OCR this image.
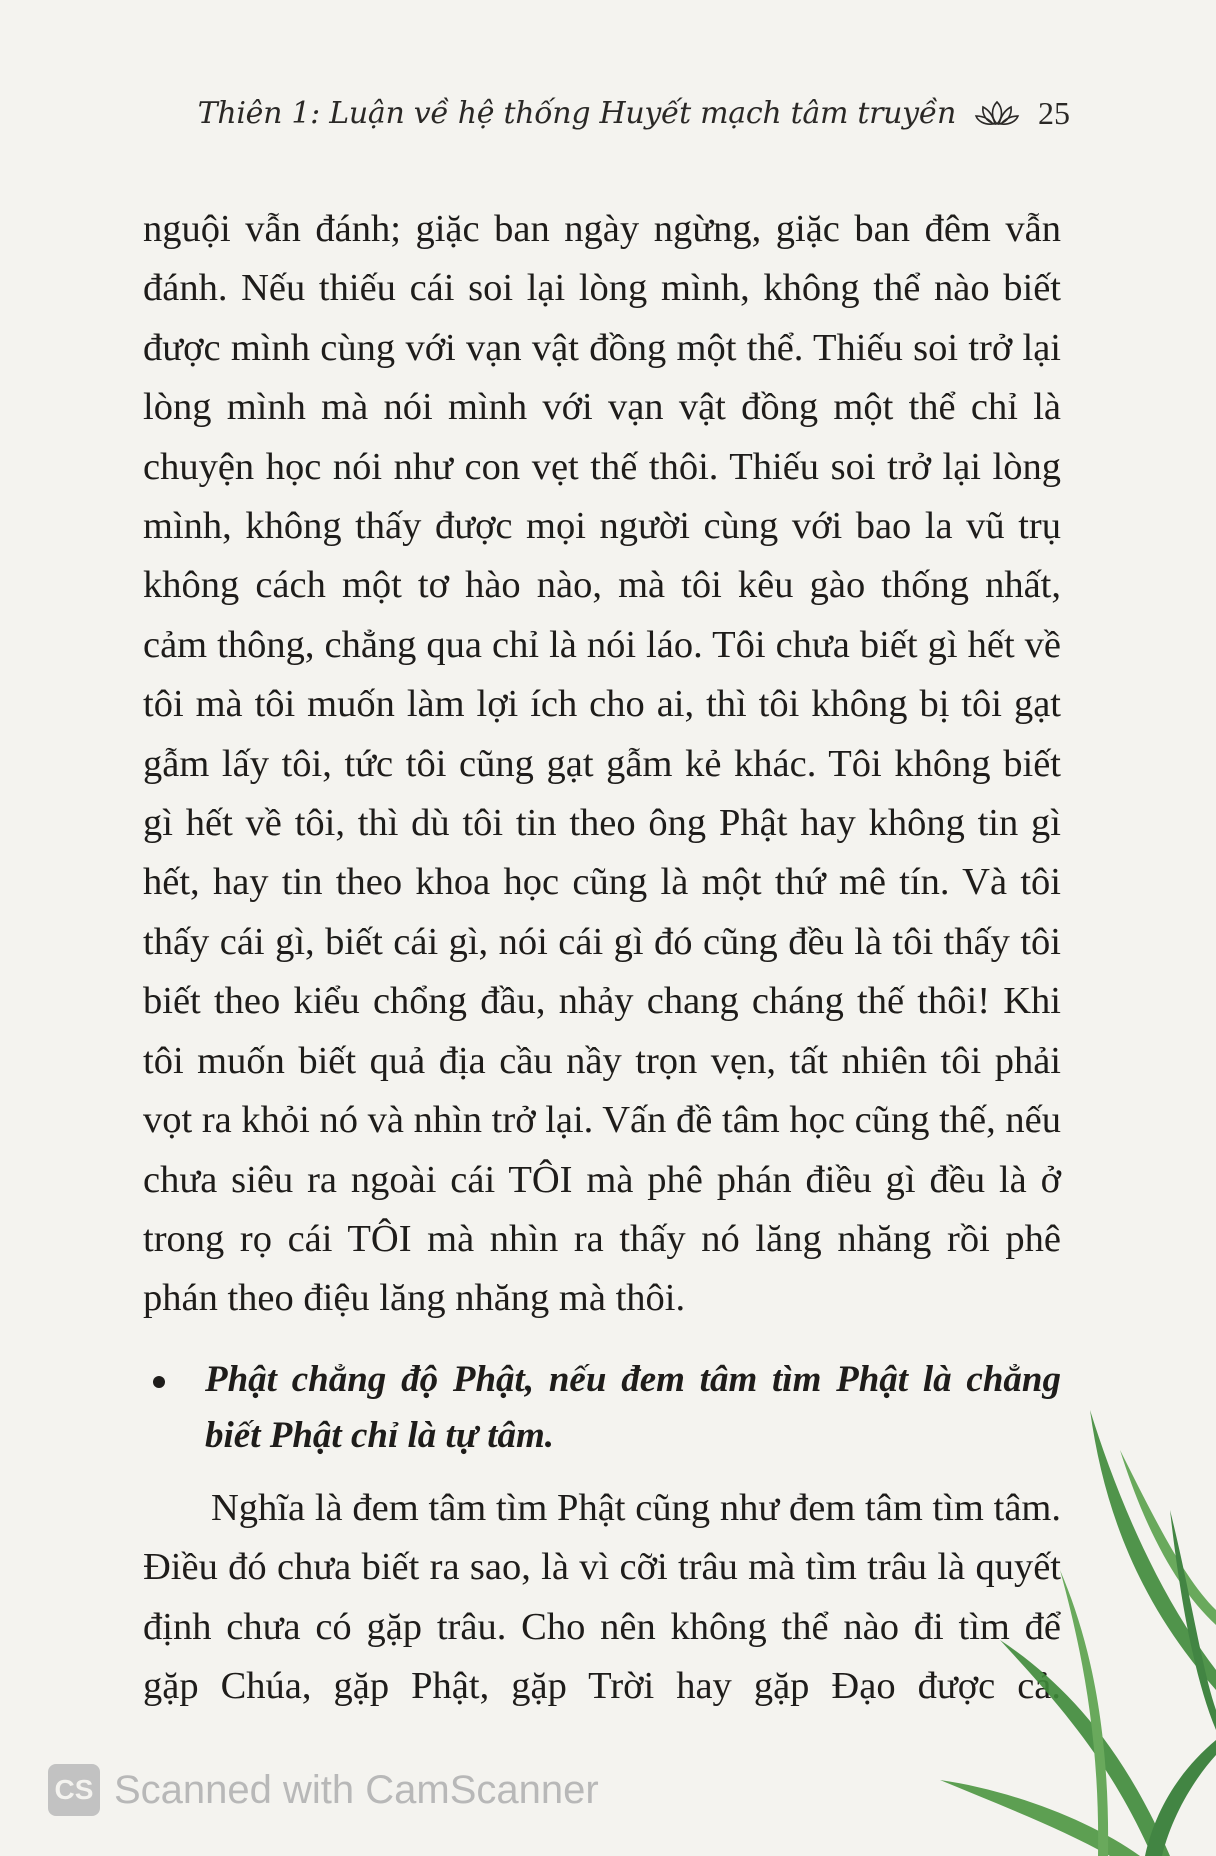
Thiên 1: Luận về hệ thống Huyết mạch tâm truyền	25
nguội vẫn đánh; giặc ban ngày ngừng, giặc ban đêm vẫn đánh. Nếu thiếu cái soi lại lòng mình, không thể nào biết được mình cùng với vạn vật đồng một thể. Thiếu soi trở lại lòng mình mà nói mình với vạn vật đồng một thể chỉ là chuyện học nói như con vẹt thế thôi. Thiếu soi trở lại lòng mình, không thấy được mọi người cùng với bao la vũ trụ không cách một tơ hào nào, mà tôi kêu gào thống nhất, cảm thông, chẳng qua chỉ là nói láo. Tôi chưa biết gì hết về tôi mà tôi muốn làm lợi ích cho ai, thì tôi không bị tôi gạt gẫm lấy tôi, tức tôi cũng gạt gẫm kẻ khác. Tôi không biết gì hết về tôi, thì dù tôi tin theo ông Phật hay không tin gì hết, hay tin theo khoa học cũng là một thứ mê tín. Và tôi thấy cái gì, biết cái gì, nói cái gì đó cũng đều là tôi thấy tôi biết theo kiểu chổng đầu, nhảy chang cháng thế thôi! Khi tôi muốn biết quả địa cầu nầy trọn vẹn, tất nhiên tôi phải vọt ra khỏi nó và nhìn trở lại. Vấn đề tâm học cũng thế, nếu chưa siêu ra ngoài cái TÔI mà phê phán điều gì đều là ở trong rọ cái TÔI mà nhìn ra thấy nó lăng nhăng rồi phê
phán theo điệu lăng nhăng mà thôi.
Phật chẳng độ Phật, nếu đem tâm tìm Phật là chẳng
biết Phật chỉ là tự tâm.
Nghĩa là đem tâm tìm Phật cũng như đem tâm tìm tâm. Điều đó chưa biết ra sao, là vì cỡi trâu mà tìm trâu là quyết định chưa có gặp trâu. Cho nên không thể nào đi tìm để gặp Chúa, gặp Phật, gặp Trời hay gặp Đạo được cả.
CS Scanned with CamScanner
